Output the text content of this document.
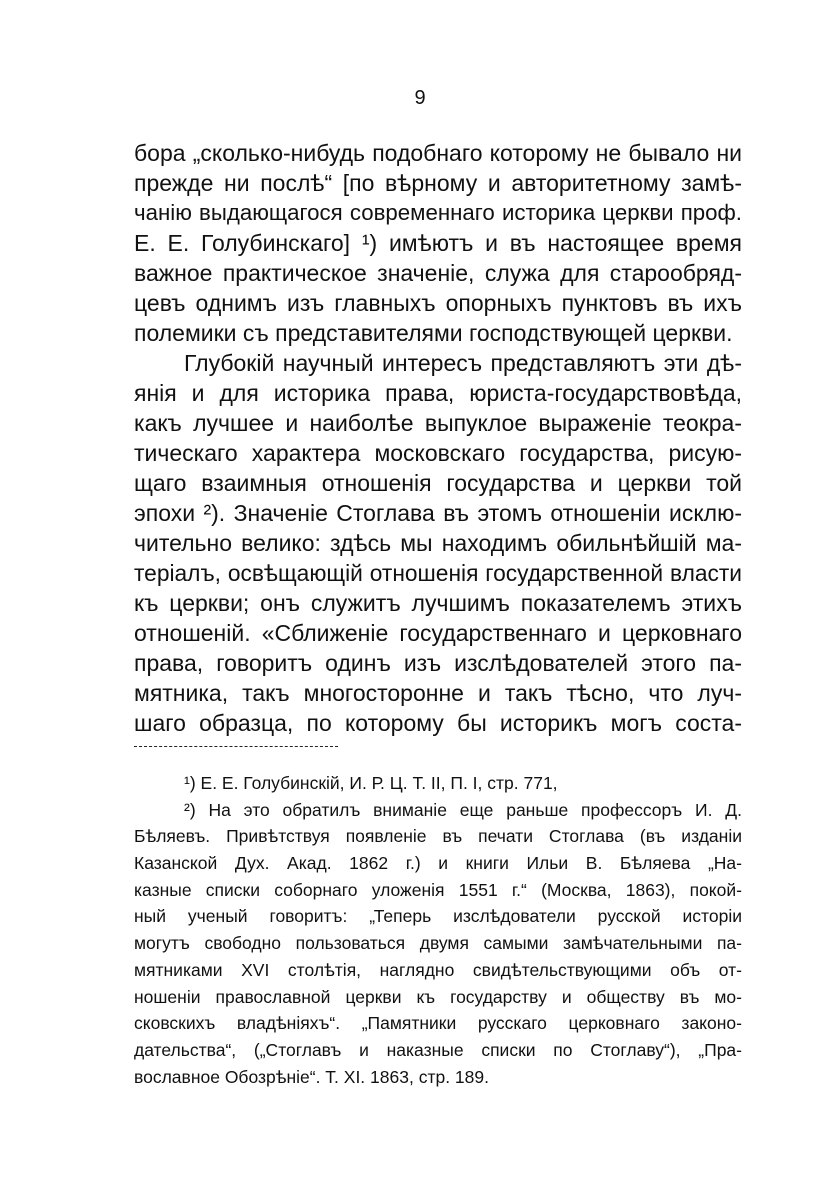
9
бора „сколько-нибудь подобнаго которому не бывало ни
прежде ни послѣ“ [по вѣрному и авторитетному замѣ-
чанію выдающагося современнаго историка церкви проф.
Е. Е. Голубинскаго] ¹) имѣютъ и въ настоящее время
важное практическое значеніе, служа для старообряд-
цевъ однимъ изъ главныхъ опорныхъ пунктовъ въ ихъ
полемики съ представителями господствующей церкви.
Глубокій научный интересъ представляютъ эти дѣ-
янія и для историка права, юриста-государствовѣда,
какъ лучшее и наиболѣе выпуклое выраженіе теокра-
тическаго характера московскаго государства, рисую-
щаго взаимныя отношенія государства и церкви той
эпохи ²). Значеніе Стоглава въ этомъ отношеніи исклю-
чительно велико: здѣсь мы находимъ обильнѣйшій ма-
теріалъ, освѣщающій отношенія государственной власти
къ церкви; онъ служитъ лучшимъ показателемъ этихъ
отношеній. «Сближеніе государственнаго и церковнаго
права, говоритъ одинъ изъ изслѣдователей этого па-
мятника, такъ многосторонне и такъ тѣсно, что луч-
шаго образца, по которому бы историкъ могъ соста-
¹) Е. Е. Голубинскій, И. Р. Ц. Т. II, П. I, стр. 771,
²) На это обратилъ вниманіе еще раньше профессоръ И. Д.
Бѣляевъ. Привѣтствуя появленіе въ печати Стоглава (въ изданіи
Казанской Дух. Акад. 1862 г.) и книги Ильи В. Бѣляева „На-
казные списки соборнаго уложенія 1551 г.“ (Москва, 1863), покой-
ный ученый говоритъ: „Теперь изслѣдователи русской исторіи
могутъ свободно пользоваться двумя самыми замѣчательными па-
мятниками XVI столѣтія, наглядно свидѣтельствующими объ от-
ношеніи православной церкви къ государству и обществу въ мо-
сковскихъ владѣніяхъ“. „Памятники русскаго церковнаго законо-
дательства“, („Стоглавъ и наказные списки по Стоглаву“), „Пра-
вославное Обозрѣніе“. Т. XI. 1863, стр. 189.
